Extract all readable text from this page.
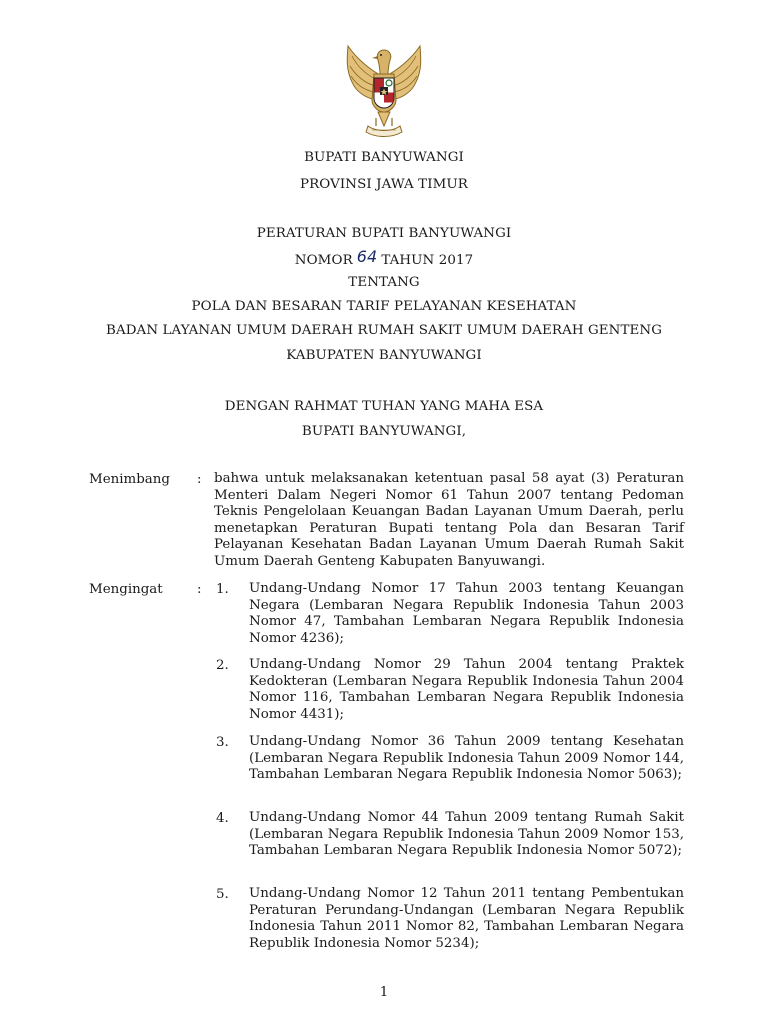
BUPATI BANYUWANGI
PROVINSI JAWA TIMUR
PERATURAN BUPATI BANYUWANGI
NOMOR 64 TAHUN 2017
TENTANG
POLA DAN BESARAN TARIF PELAYANAN KESEHATAN
BADAN LAYANAN UMUM DAERAH RUMAH SAKIT UMUM DAERAH GENTENG
KABUPATEN BANYUWANGI
DENGAN RAHMAT TUHAN YANG MAHA ESA
BUPATI BANYUWANGI,
Menimbang : bahwa untuk melaksanakan ketentuan pasal 58 ayat (3) Peraturan Menteri Dalam Negeri Nomor 61 Tahun 2007 tentang Pedoman Teknis Pengelolaan Keuangan Badan Layanan Umum Daerah, perlu menetapkan Peraturan Bupati tentang Pola dan Besaran Tarif Pelayanan Kesehatan Badan Layanan Umum Daerah Rumah Sakit Umum Daerah Genteng Kabupaten Banyuwangi.
Mengingat	: 1. Undang-Undang Nomor 17 Tahun 2003 tentang Keuangan Negara (Lembaran Negara Republik Indonesia Tahun 2003 Nomor 47, Tambahan Lembaran Negara Republik Indonesia Nomor 4236);
2. Undang-Undang Nomor 29 Tahun 2004 tentang Praktek Kedokteran (Lembaran Negara Republik Indonesia Tahun 2004 Nomor 116, Tambahan Lembaran Negara Republik Indonesia Nomor 4431);
3. Undang-Undang Nomor 36 Tahun 2009 tentang Kesehatan (Lembaran Negara Republik Indonesia Tahun 2009 Nomor 144, Tambahan Lembaran Negara Republik Indonesia Nomor 5063);
4. Undang-Undang Nomor 44 Tahun 2009 tentang Rumah Sakit (Lembaran Negara Republik Indonesia Tahun 2009 Nomor 153, Tambahan Lembaran Negara Republik Indonesia Nomor 5072);
5. Undang-Undang Nomor 12 Tahun 2011 tentang Pembentukan Peraturan Perundang-Undangan (Lembaran Negara Republik Indonesia Tahun 2011 Nomor 82, Tambahan Lembaran Negara Republik Indonesia Nomor 5234);
1
